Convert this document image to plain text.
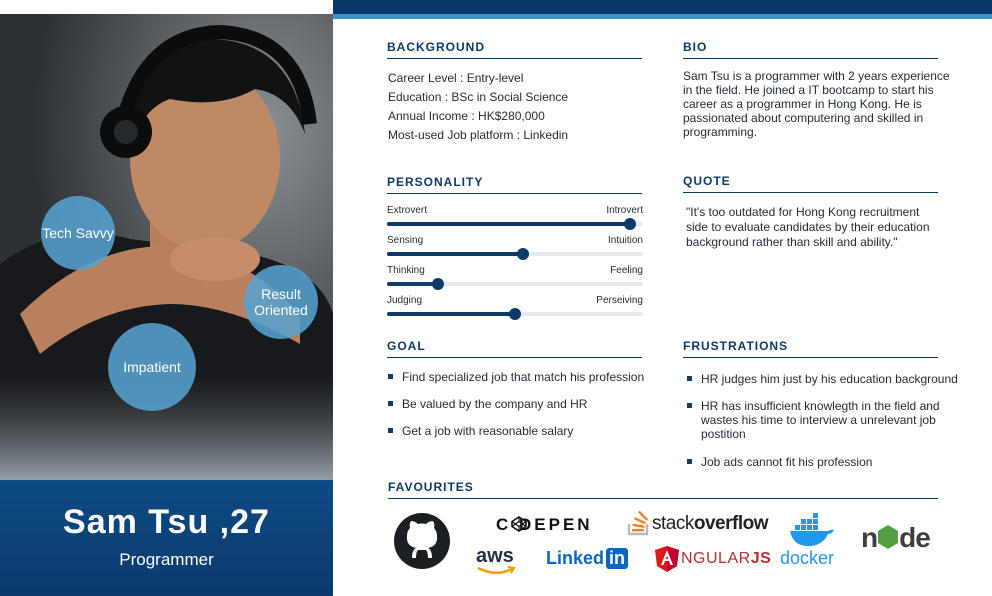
Tech Savvy
Result Oriented
Impatient
Sam Tsu ,27
Programmer
BACKGROUND
Career Level : Entry-level
Education : BSc in Social Science
Annual Income : HK$280,000
Most-used Job platform : Linkedin
BIO
Sam Tsu is a programmer with 2 years experience in the field. He joined a IT bootcamp to start his career as a programmer in Hong Kong. He is passionated about computering and skilled in programming.
PERSONALITY
Extrovert	Introvert
Sensing	Intuition
Thinking	Feeling
Judging	Perseiving
QUOTE
"It's too outdated for Hong Kong recruitment side to evaluate candidates by their education background rather than skill and ability."
GOAL
Find specialized job that match his profession
Be valued by the company and HR
Get a job with reasonable salary
FRUSTRATIONS
HR judges him just by his education background
HR has insufficient knowlegth in the field and wastes his time to interview a unrelevant job postition
Job ads cannot fit his profession
FAVOURITES
C DEPEN	stackoverflow
docker
n de
aws Linked in	NGULARJS
